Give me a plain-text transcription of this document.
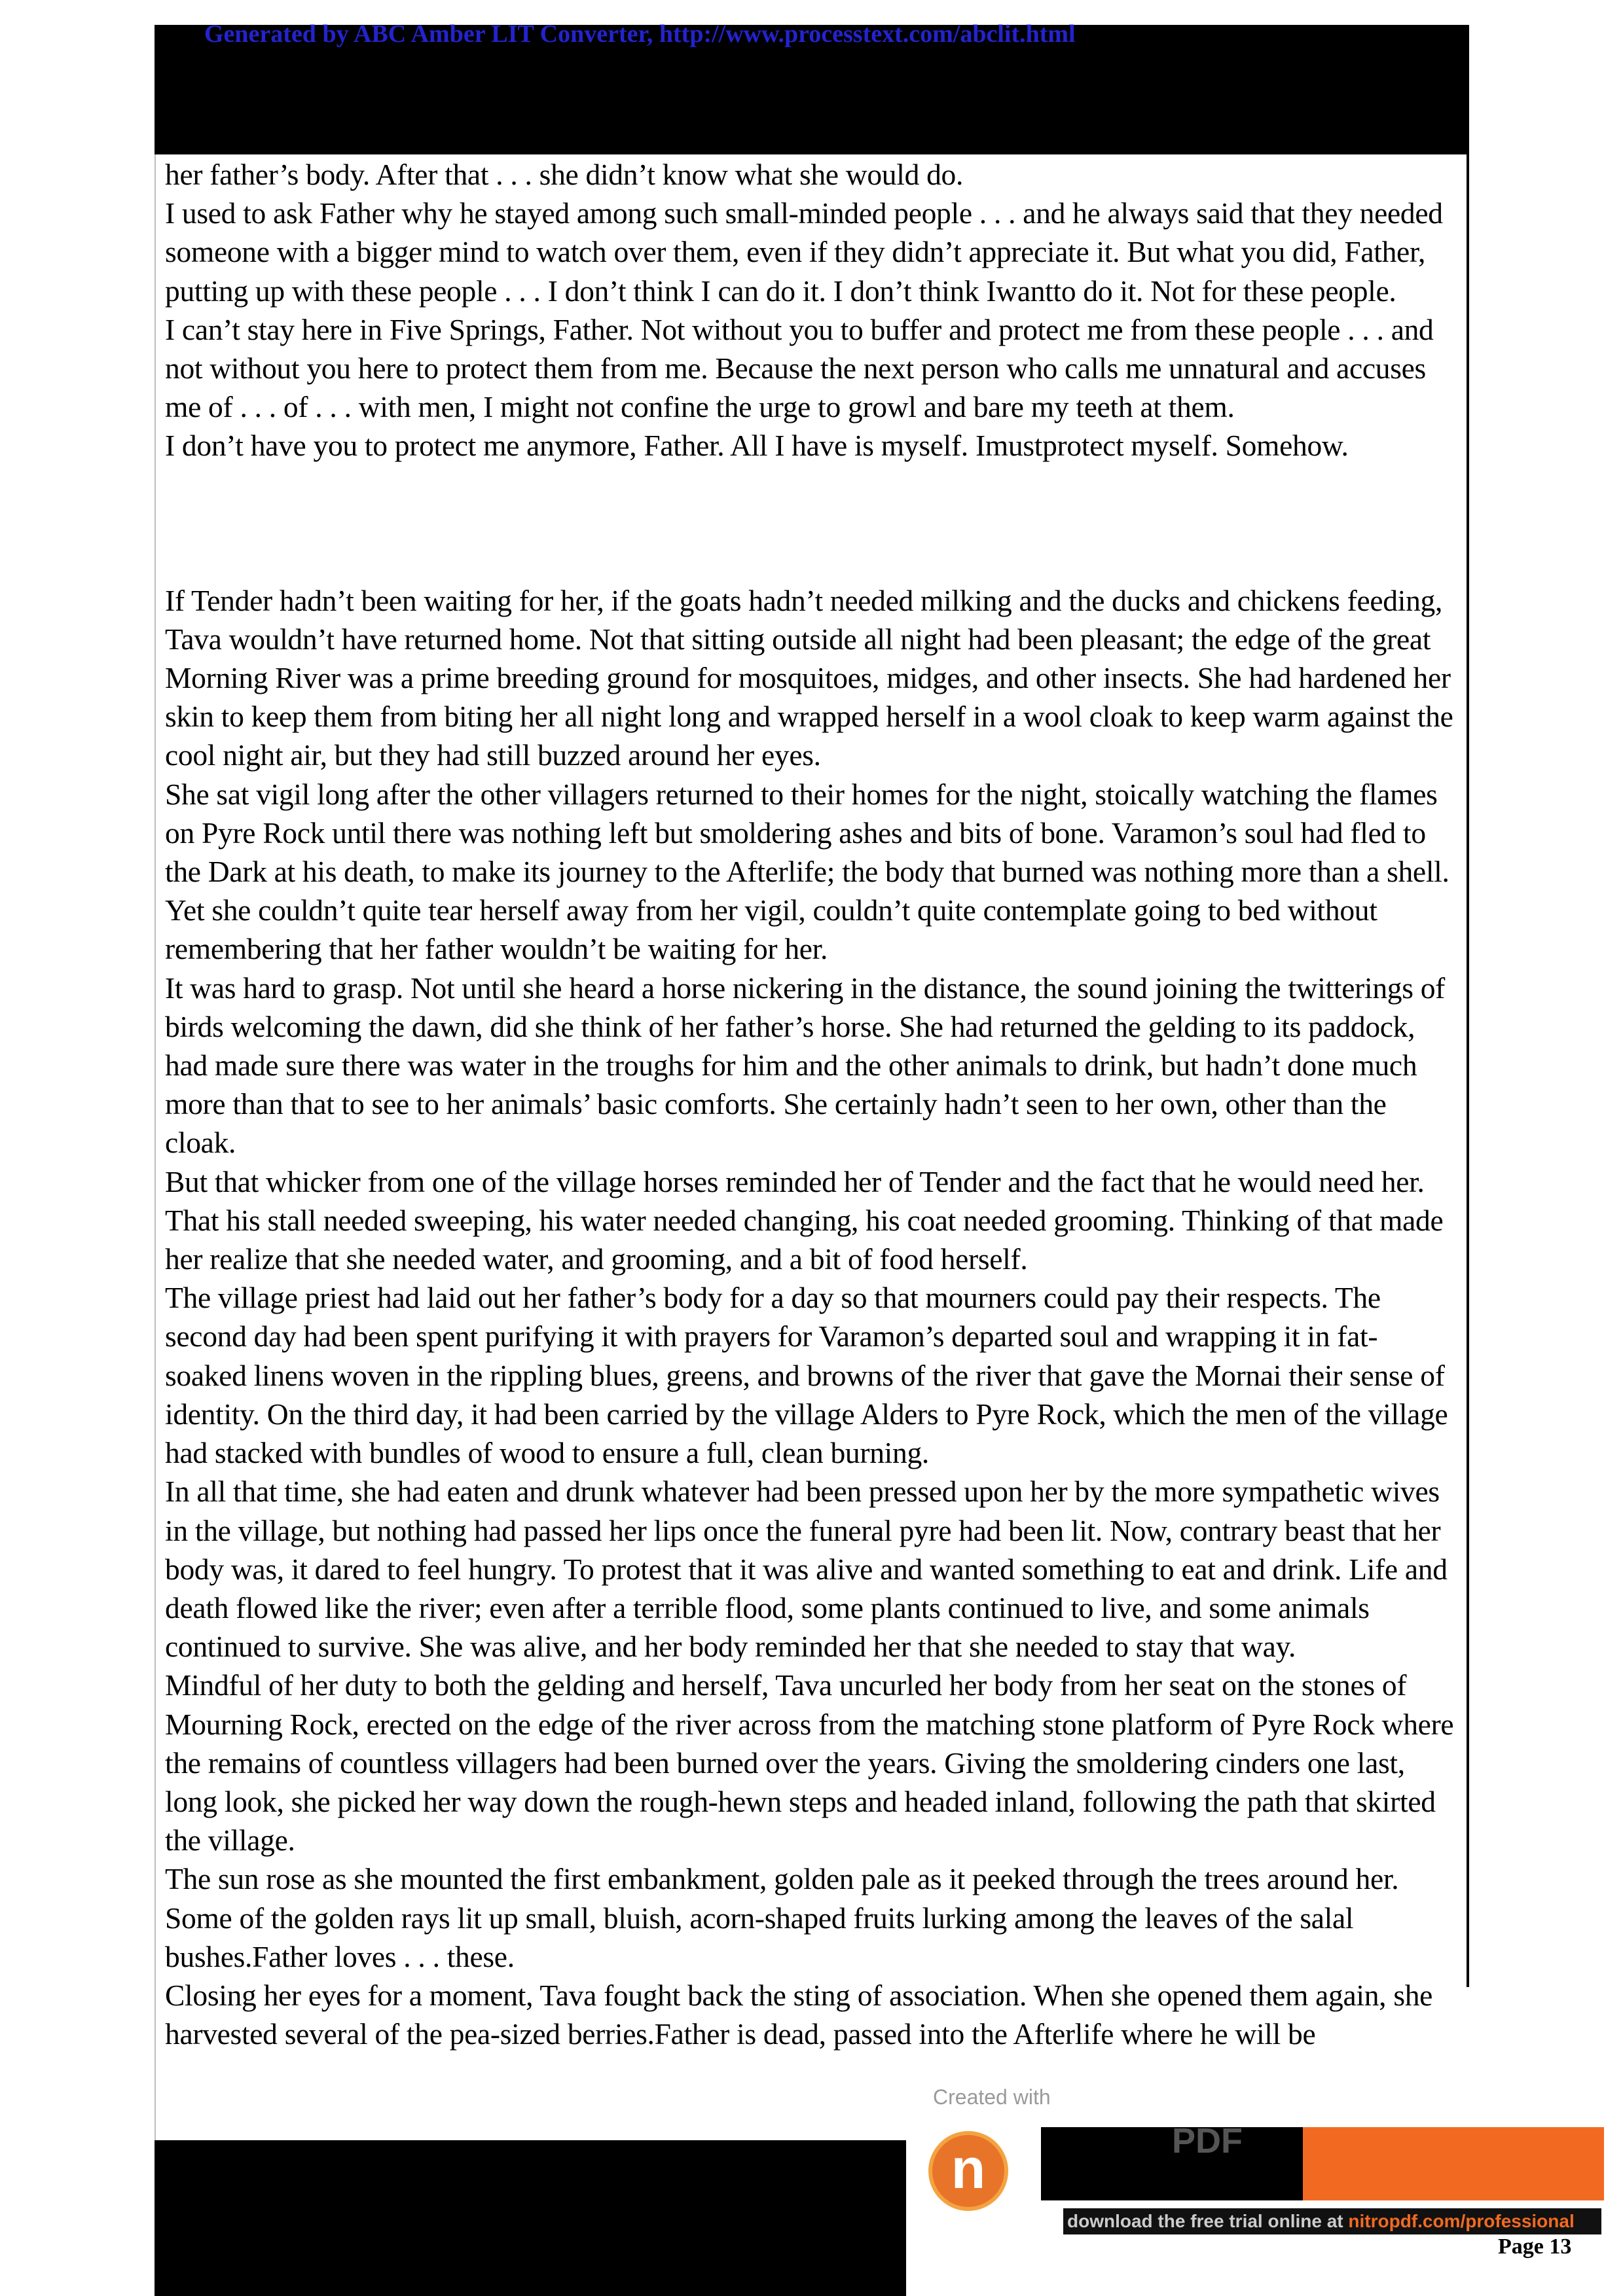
Generated by ABC Amber LIT Converter, http://www.processtext.com/abclit.html

her father’s body. After that . . . she didn’t know what she would do.

I used to ask Father why he stayed among such small-minded people . . . and he always said that they needed someone with a bigger mind to watch over them, even if they didn’t appreciate it. But what you did, Father, putting up with these people . . . I don’t think I can do it. I don’t think Iwantto do it. Not for these people.

I can’t stay here in Five Springs, Father. Not without you to buffer and protect me from these people . . . and not without you here to protect them from me. Because the next person who calls me unnatural and accuses me of . . . of . . . with men, I might not confine the urge to growl and bare my teeth at them.

I don’t have you to protect me anymore, Father. All I have is myself. Imustprotect myself. Somehow.

If Tender hadn’t been waiting for her, if the goats hadn’t needed milking and the ducks and chickens feeding, Tava wouldn’t have returned home. Not that sitting outside all night had been pleasant; the edge of the great Morning River was a prime breeding ground for mosquitoes, midges, and other insects. She had hardened her skin to keep them from biting her all night long and wrapped herself in a wool cloak to keep warm against the cool night air, but they had still buzzed around her eyes.

She sat vigil long after the other villagers returned to their homes for the night, stoically watching the flames on Pyre Rock until there was nothing left but smoldering ashes and bits of bone. Varamon’s soul had fled to the Dark at his death, to make its journey to the Afterlife; the body that burned was nothing more than a shell. Yet she couldn’t quite tear herself away from her vigil, couldn’t quite contemplate going to bed without remembering that her father wouldn’t be waiting for her.

It was hard to grasp. Not until she heard a horse nickering in the distance, the sound joining the twitterings of birds welcoming the dawn, did she think of her father’s horse. She had returned the gelding to its paddock, had made sure there was water in the troughs for him and the other animals to drink, but hadn’t done much more than that to see to her animals’ basic comforts. She certainly hadn’t seen to her own, other than the cloak.

But that whicker from one of the village horses reminded her of Tender and the fact that he would need her. That his stall needed sweeping, his water needed changing, his coat needed grooming. Thinking of that made her realize that she needed water, and grooming, and a bit of food herself.

The village priest had laid out her father’s body for a day so that mourners could pay their respects. The second day had been spent purifying it with prayers for Varamon’s departed soul and wrapping it in fat-soaked linens woven in the rippling blues, greens, and browns of the river that gave the Mornai their sense of identity. On the third day, it had been carried by the village Alders to Pyre Rock, which the men of the village had stacked with bundles of wood to ensure a full, clean burning.

In all that time, she had eaten and drunk whatever had been pressed upon her by the more sympathetic wives in the village, but nothing had passed her lips once the funeral pyre had been lit. Now, contrary beast that her body was, it dared to feel hungry. To protest that it was alive and wanted something to eat and drink. Life and death flowed like the river; even after a terrible flood, some plants continued to live, and some animals continued to survive. She was alive, and her body reminded her that she needed to stay that way.

Mindful of her duty to both the gelding and herself, Tava uncurled her body from her seat on the stones of Mourning Rock, erected on the edge of the river across from the matching stone platform of Pyre Rock where the remains of countless villagers had been burned over the years. Giving the smoldering cinders one last, long look, she picked her way down the rough-hewn steps and headed inland, following the path that skirted the village.

The sun rose as she mounted the first embankment, golden pale as it peeked through the trees around her. Some of the golden rays lit up small, bluish, acorn-shaped fruits lurking among the leaves of the salal bushes.Father loves . . . these.

Closing her eyes for a moment, Tava fought back the sting of association. When she opened them again, she harvested several of the pea-sized berries.Father is dead, passed into the Afterlife where he will be

Created with
n	PDF
download the free trial online at nitropdf.com/professional
Page 13
